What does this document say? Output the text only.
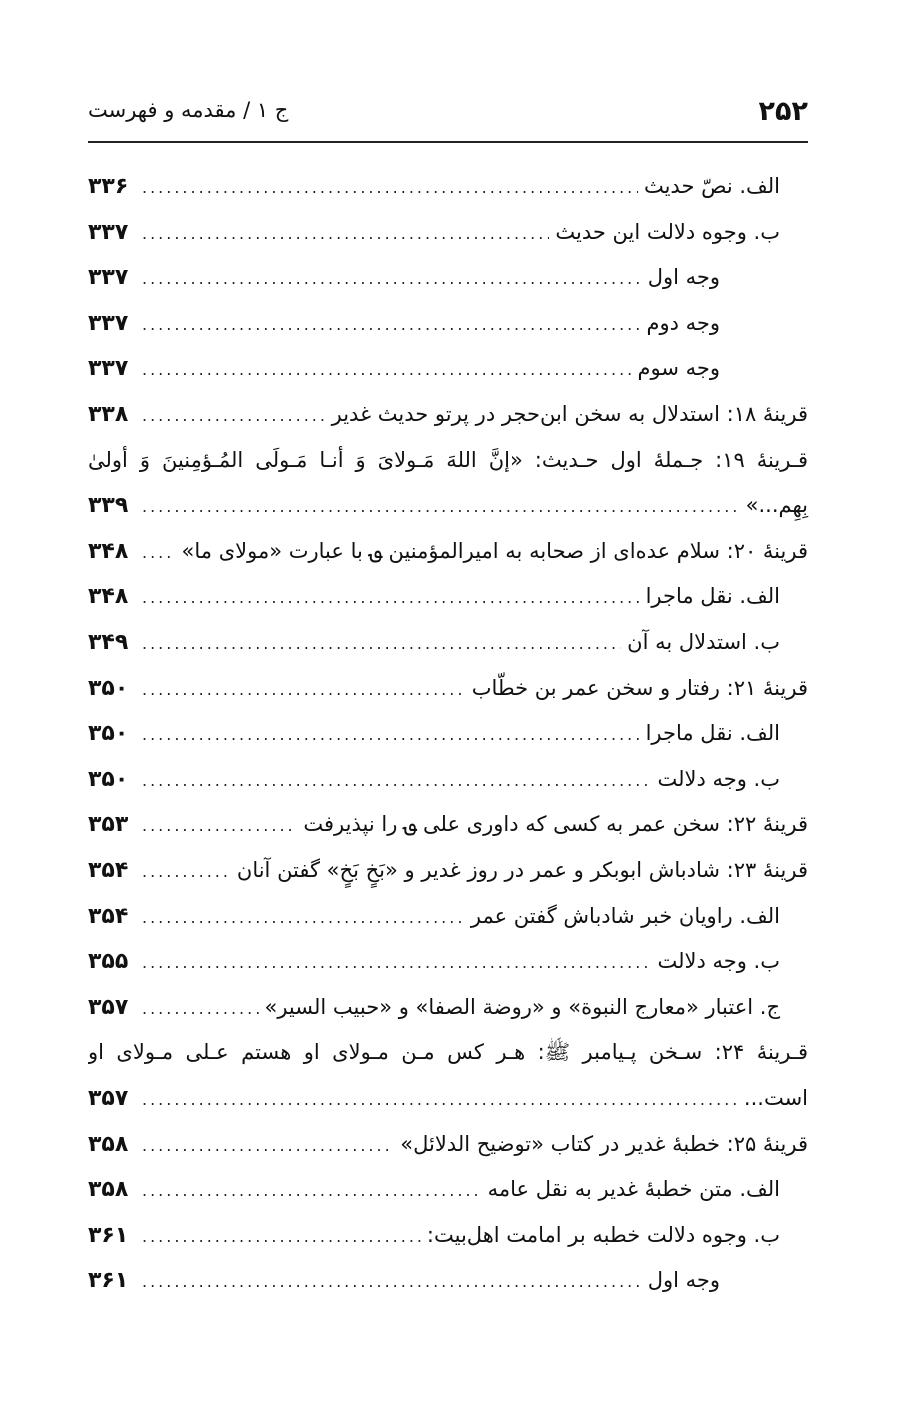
۲۵۲
ج ۱ / مقدمه و فهرست
الف. نصّ حديث
.....
۳۳۶
ب. وجوه دلالت اين حديث
.....
۳۳۷
وجه اول
.....
۳۳۷
وجه دوم
.....
۳۳۷
وجه سوم
.....
۳۳۷
قرينۀ ۱۸: استدلال به سخن ابن‌حجر در پرتو حديث غدير
.....
۳۳۸
قـرينۀ ۱۹: جـملۀ اول حـديث: «إنَّ اللهَ مَـولایَ وَ أنـا مَـولَی المُـؤمِنینَ وَ أولیٰ
بِهِم...»
.....
۳۳۹
قرينۀ ۲۰: سلام عده‌ای از صحابه به اميرالمؤمنين ؈ با عبارت «مولای ما»
.....
۳۴۸
الف. نقل ماجرا
.....
۳۴۸
ب. استدلال به آن
.....
۳۴۹
قرينۀ ۲۱: رفتار و سخن عمر بن خطّاب
.....
۳۵۰
الف. نقل ماجرا
.....
۳۵۰
ب. وجه دلالت
.....
۳۵۰
قرينۀ ۲۲: سخن عمر به كسی كه داوری علی ؈ را نپذيرفت
.....
۳۵۳
قرينۀ ۲۳: شادباش ابوبكر و عمر در روز غدير و «بَخٍ بَخٍ» گفتن آنان
.....
۳۵۴
الف. راويان خبر شادباش گفتن عمر
.....
۳۵۴
ب. وجه دلالت
.....
۳۵۵
ج. اعتبار «معارج النبوة» و «روضة الصفا» و «حبيب السير»
.....
۳۵۷
قـرينۀ ۲۴: سـخن پـيامبر ﷺ: هـر كس مـن مـولای او هستم عـلی مـولای او
است...
.....
۳۵۷
قرينۀ ۲۵: خطبۀ غدير در كتاب «توضيح الدلائل»
.....
۳۵۸
الف. متن خطبۀ غدير به نقل عامه
.....
۳۵۸
ب. وجوه دلالت خطبه بر امامت اهل‌بيت:
.....
۳۶۱
وجه اول
.....
۳۶۱
